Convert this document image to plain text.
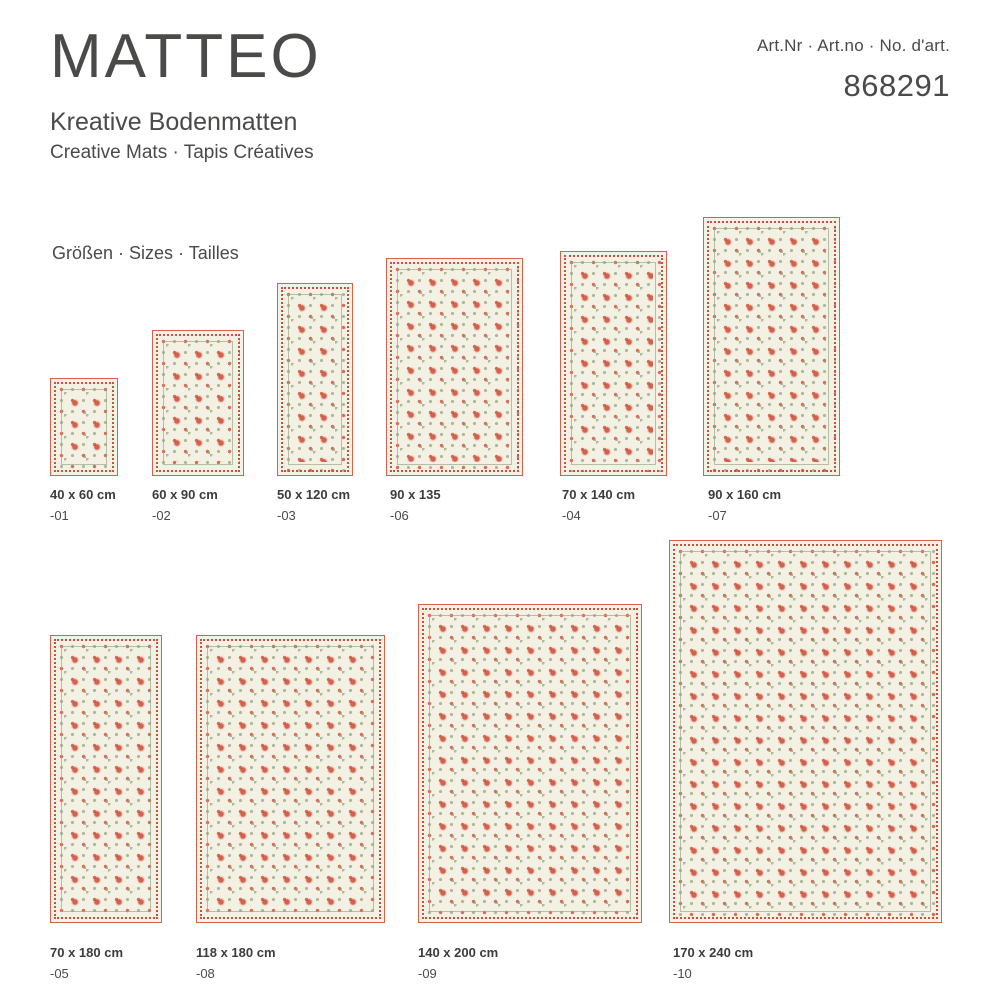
MATTEO
Kreative Bodenmatten
Creative Mats · Tapis Créatives
Art.Nr · Art.no · No. d'art.
868291
Größen · Sizes · Tailles
40 x 60 cm
-01
60 x 90 cm
-02
50 x 120 cm
-03
90 x 135
-06
70 x 140 cm
-04
90 x 160 cm
-07
70 x 180 cm
-05
118 x 180 cm
-08
140 x 200 cm
-09
170 x 240 cm
-10
